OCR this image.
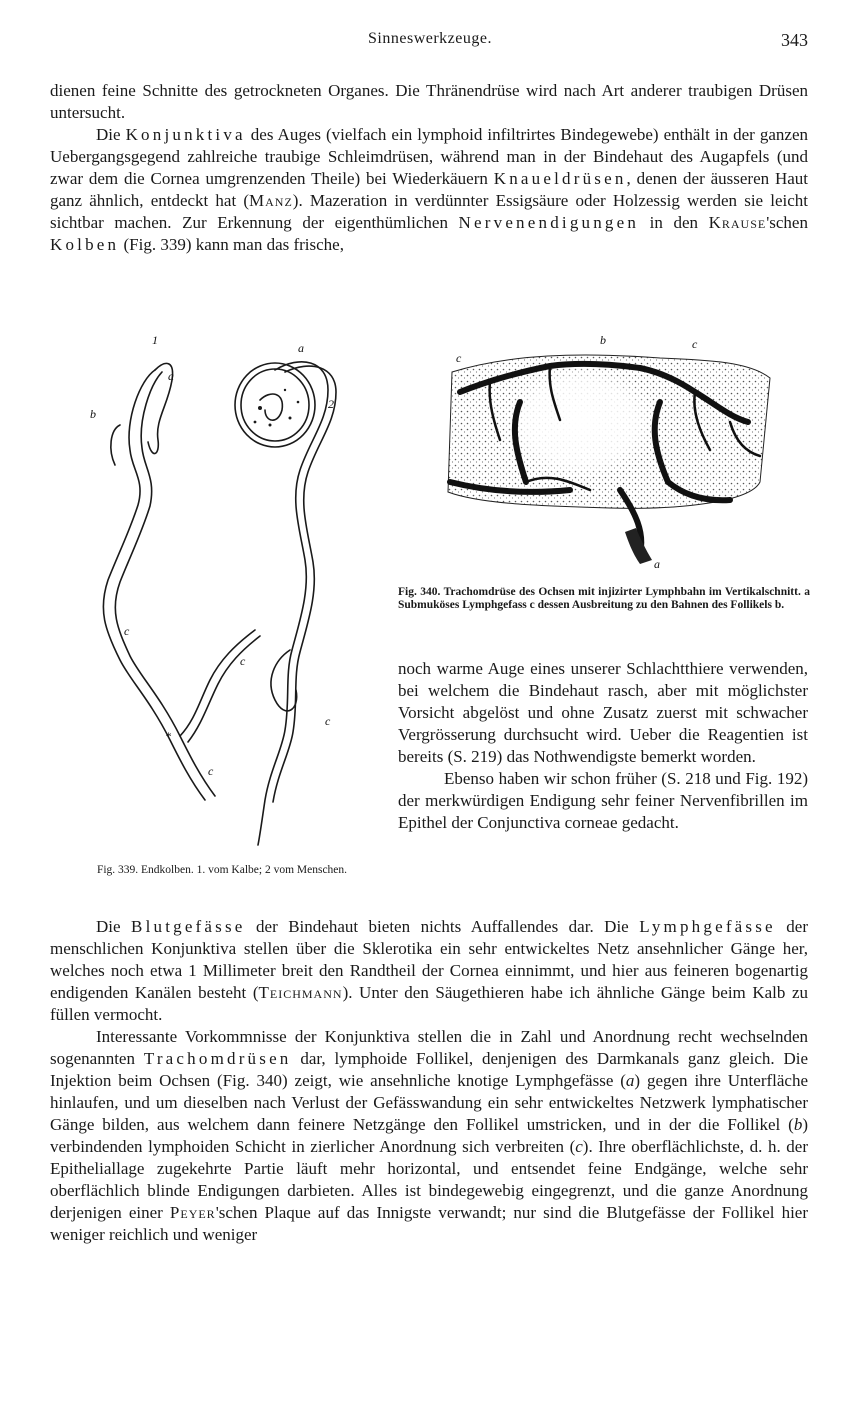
Sinneswerkzeuge.	343

dienen feine Schnitte des getrockneten Organes. Die Thränendrüse wird nach Art anderer traubigen Drüsen untersucht.

Die Konjunktiva des Auges (vielfach ein lymphoid infiltrirtes Bindegewebe) enthält in der ganzen Uebergangsgegend zahlreiche traubige Schleimdrüsen, während man in der Bindehaut des Augapfels (und zwar dem die Cornea umgrenzenden Theile) bei Wiederkäuern Knaueldrüsen, denen der äusseren Haut ganz ähnlich, entdeckt hat (Manz). Mazeration in verdünnter Essigsäure oder Holzessig werden sie leicht sichtbar machen. Zur Erkennung der eigenthümlichen Nervenendigungen in den Krause'schen Kolben (Fig. 339) kann man das frische,

1
a
b
2
a
c
c
c
*
c
b
c
c
a

Fig. 340. Trachomdrüse des Ochsen mit injizirter Lymphbahn im Vertikalschnitt. a Submuköses Lymphgefass c dessen Ausbreitung zu den Bahnen des Follikels b.

noch warme Auge eines unserer Schlachtthiere verwenden, bei welchem die Bindehaut rasch, aber mit möglichster Vorsicht abgelöst und ohne Zusatz zuerst mit schwacher Vergrösserung durchsucht wird. Ueber die Reagentien ist bereits (S. 219) das Nothwendigste bemerkt worden.

Ebenso haben wir schon früher (S. 218 und Fig. 192) der merkwürdigen Endigung sehr feiner Nervenfibrillen im Epithel der Conjunctiva corneae gedacht.

Fig. 339. Endkolben. 1. vom Kalbe; 2 vom Menschen.

Die Blutgefässe der Bindehaut bieten nichts Auffallendes dar. Die Lymphgefässe der menschlichen Konjunktiva stellen über die Sklerotika ein sehr entwickeltes Netz ansehnlicher Gänge her, welches noch etwa 1 Millimeter breit den Randtheil der Cornea einnimmt, und hier aus feineren bogenartig endigenden Kanälen besteht (Teichmann). Unter den Säugethieren habe ich ähnliche Gänge beim Kalb zu füllen vermocht.

Interessante Vorkommnisse der Konjunktiva stellen die in Zahl und Anordnung recht wechselnden sogenannten Trachomdrüsen dar, lymphoide Follikel, denjenigen des Darmkanals ganz gleich. Die Injektion beim Ochsen (Fig. 340) zeigt, wie ansehnliche knotige Lymphgefässe (a) gegen ihre Unterfläche hinlaufen, und um dieselben nach Verlust der Gefässwandung ein sehr entwickeltes Netzwerk lymphatischer Gänge bilden, aus welchem dann feinere Netzgänge den Follikel umstricken, und in der die Follikel (b) verbindenden lymphoiden Schicht in zierlicher Anordnung sich verbreiten (c). Ihre oberflächlichste, d. h. der Epitheliallage zugekehrte Partie läuft mehr horizontal, und entsendet feine Endgänge, welche sehr oberflächlich blinde Endigungen darbieten. Alles ist bindegewebig eingegrenzt, und die ganze Anordnung derjenigen einer Peyer'schen Plaque auf das Innigste verwandt; nur sind die Blutgefässe der Follikel hier weniger reichlich und weniger
